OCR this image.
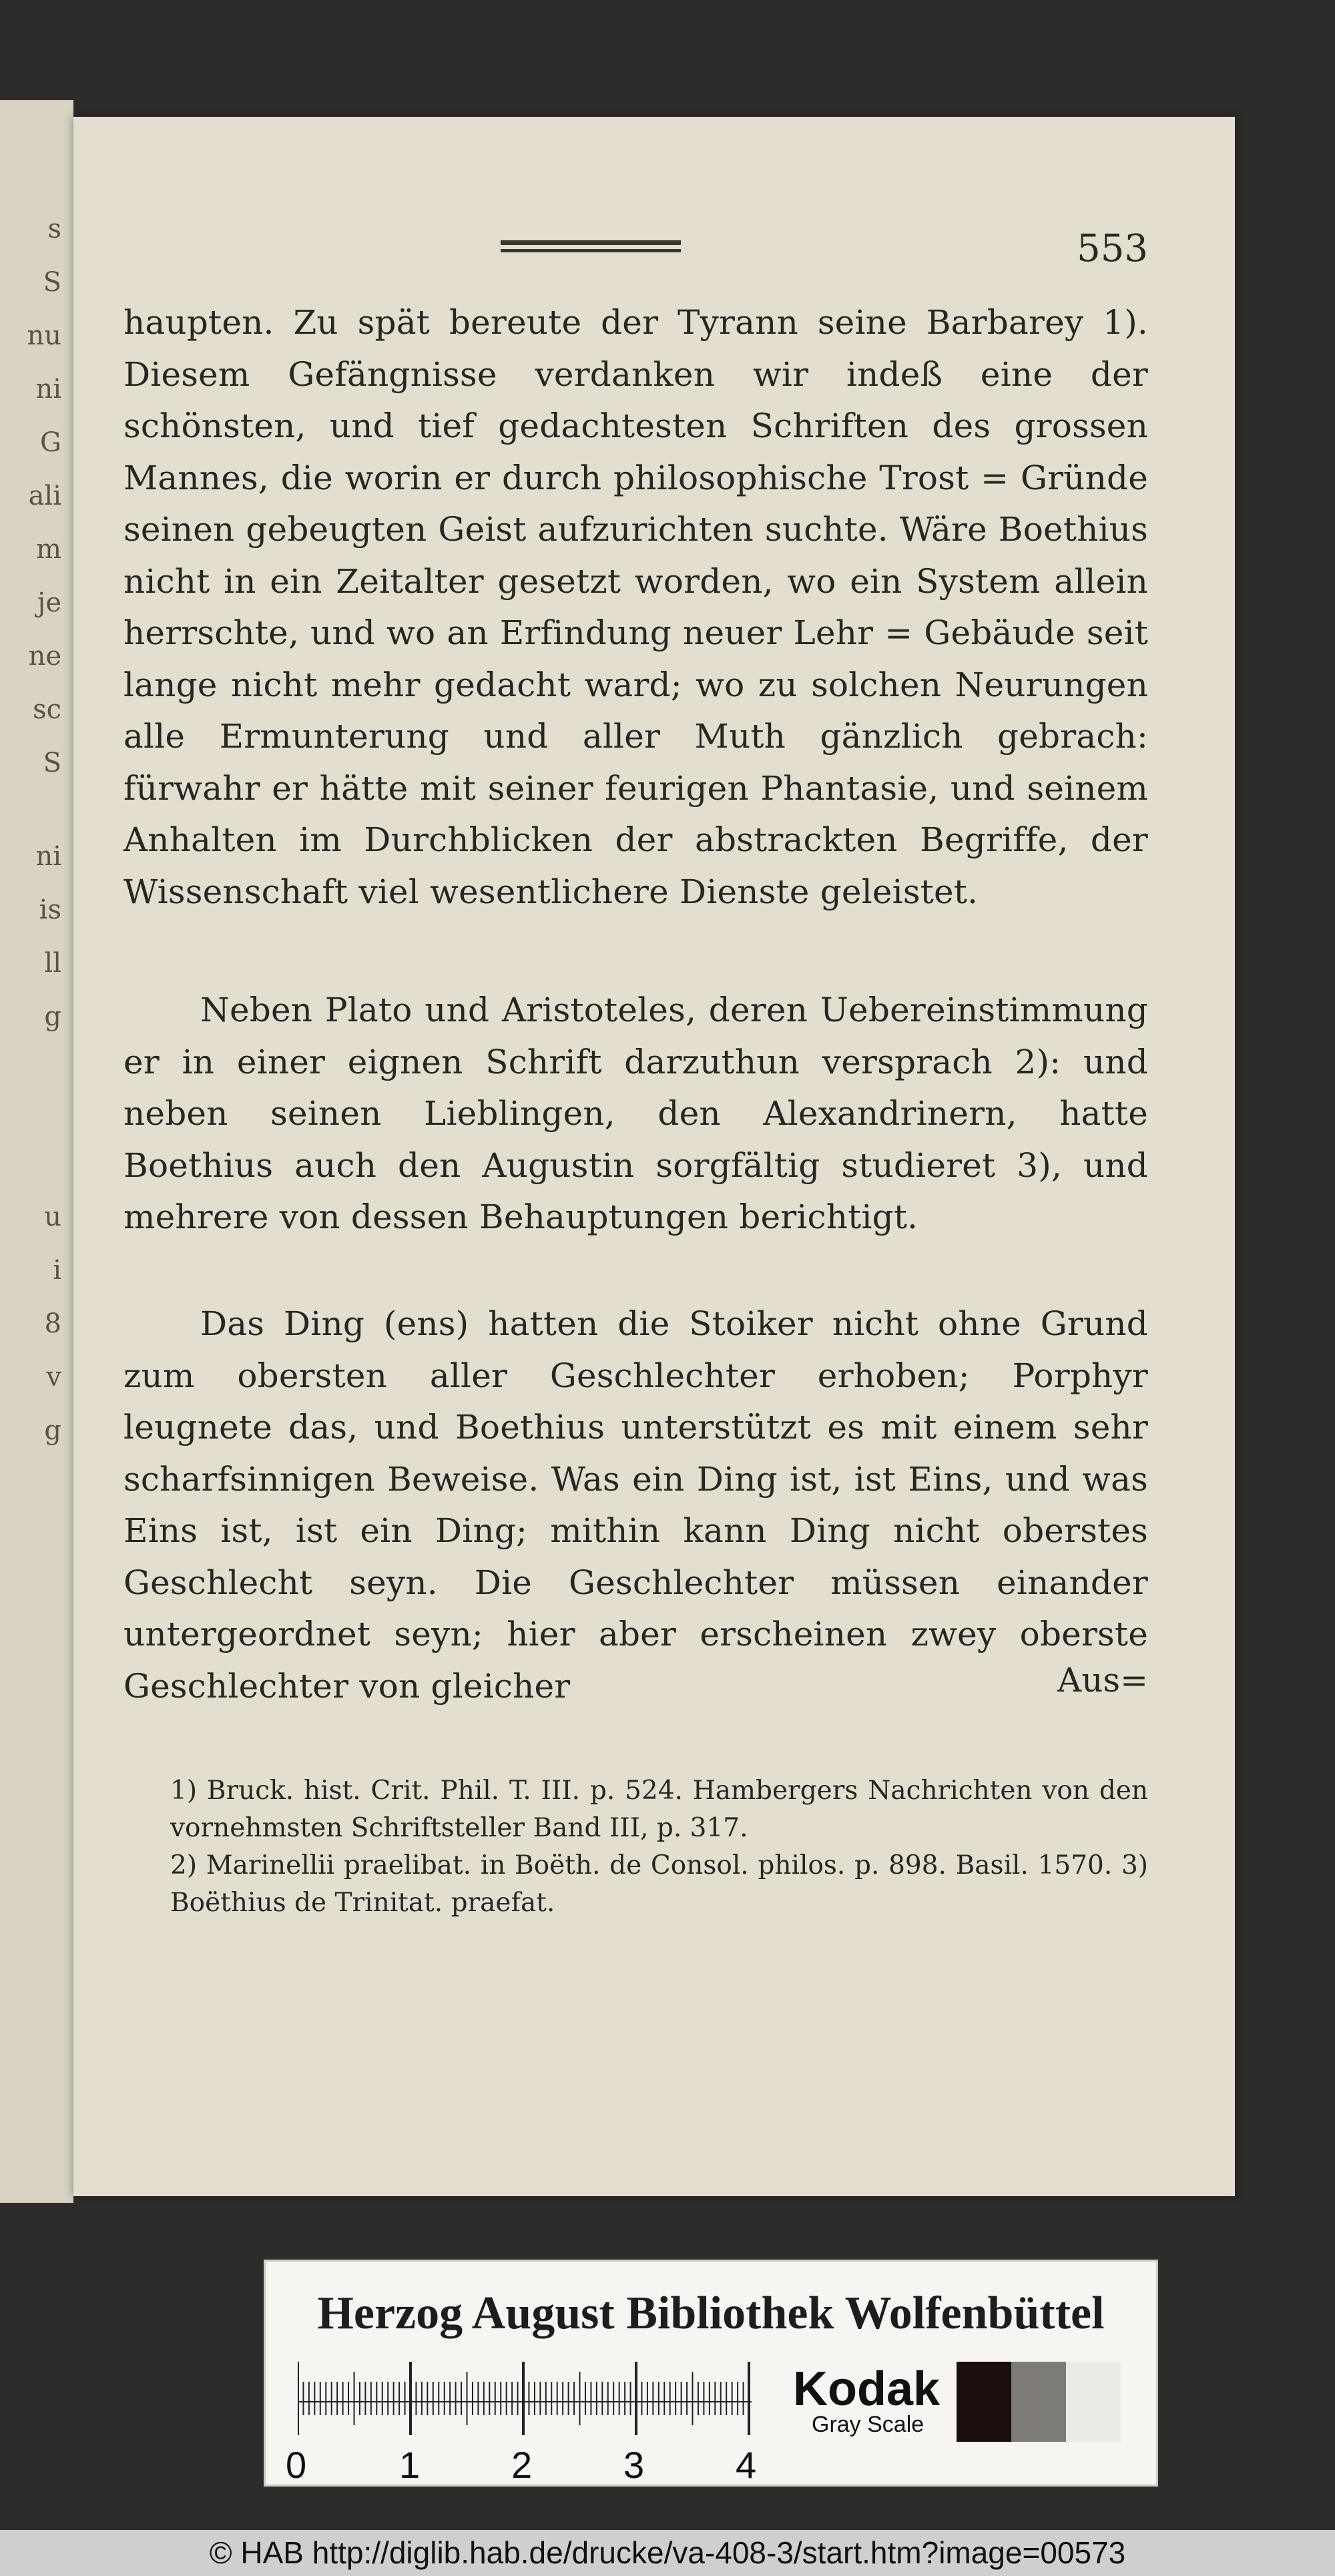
s
S
nu
ni
G
ali
m
je
ne
sc
S
ni
is
ll
g
u
i
8
v
g
553

haupten. Zu spät bereute der Tyrann seine Barbarey 1). Diesem Gefängnisse verdanken wir indeß eine der schönsten, und tief gedachtesten Schriften des grossen Mannes, die worin er durch philosophische Trost = Gründe seinen gebeugten Geist aufzurichten suchte. Wäre Boethius nicht in ein Zeitalter gesetzt worden, wo ein System allein herrschte, und wo an Erfindung neuer Lehr = Gebäude seit lange nicht mehr gedacht ward; wo zu solchen Neurungen alle Ermunterung und aller Muth gänzlich gebrach: fürwahr er hätte mit seiner feurigen Phantasie, und seinem Anhalten im Durchblicken der abstrackten Begriffe, der Wissenschaft viel wesentlichere Dienste geleistet.

Neben Plato und Aristoteles, deren Uebereinstimmung er in einer eignen Schrift darzuthun versprach 2): und neben seinen Lieblingen, den Alexandrinern, hatte Boethius auch den Augustin sorgfältig studieret 3), und mehrere von dessen Behauptungen berichtigt.

Das Ding (ens) hatten die Stoiker nicht ohne Grund zum obersten aller Geschlechter erhoben; Porphyr leugnete das, und Boethius unterstützt es mit einem sehr scharfsinnigen Beweise. Was ein Ding ist, ist Eins, und was Eins ist, ist ein Ding; mithin kann Ding nicht oberstes Geschlecht seyn. Die Geschlechter müssen einander untergeordnet seyn; hier aber erscheinen zwey oberste Geschlechter von gleicher	Aus=

1) Bruck. hist. Crit. Phil. T. III. p. 524. Hambergers Nachrichten von den vornehmsten Schriftsteller Band III, p. 317.

2) Marinellii praelibat. in Boëth. de Consol. philos. p. 898. Basil. 1570. 3) Boëthius de Trinitat. praefat.

Herzog August Bibliothek Wolfenbüttel
0 1 2 3 4
Kodak
Gray Scale
© HAB http://diglib.hab.de/drucke/va-408-3/start.htm?image=00573
